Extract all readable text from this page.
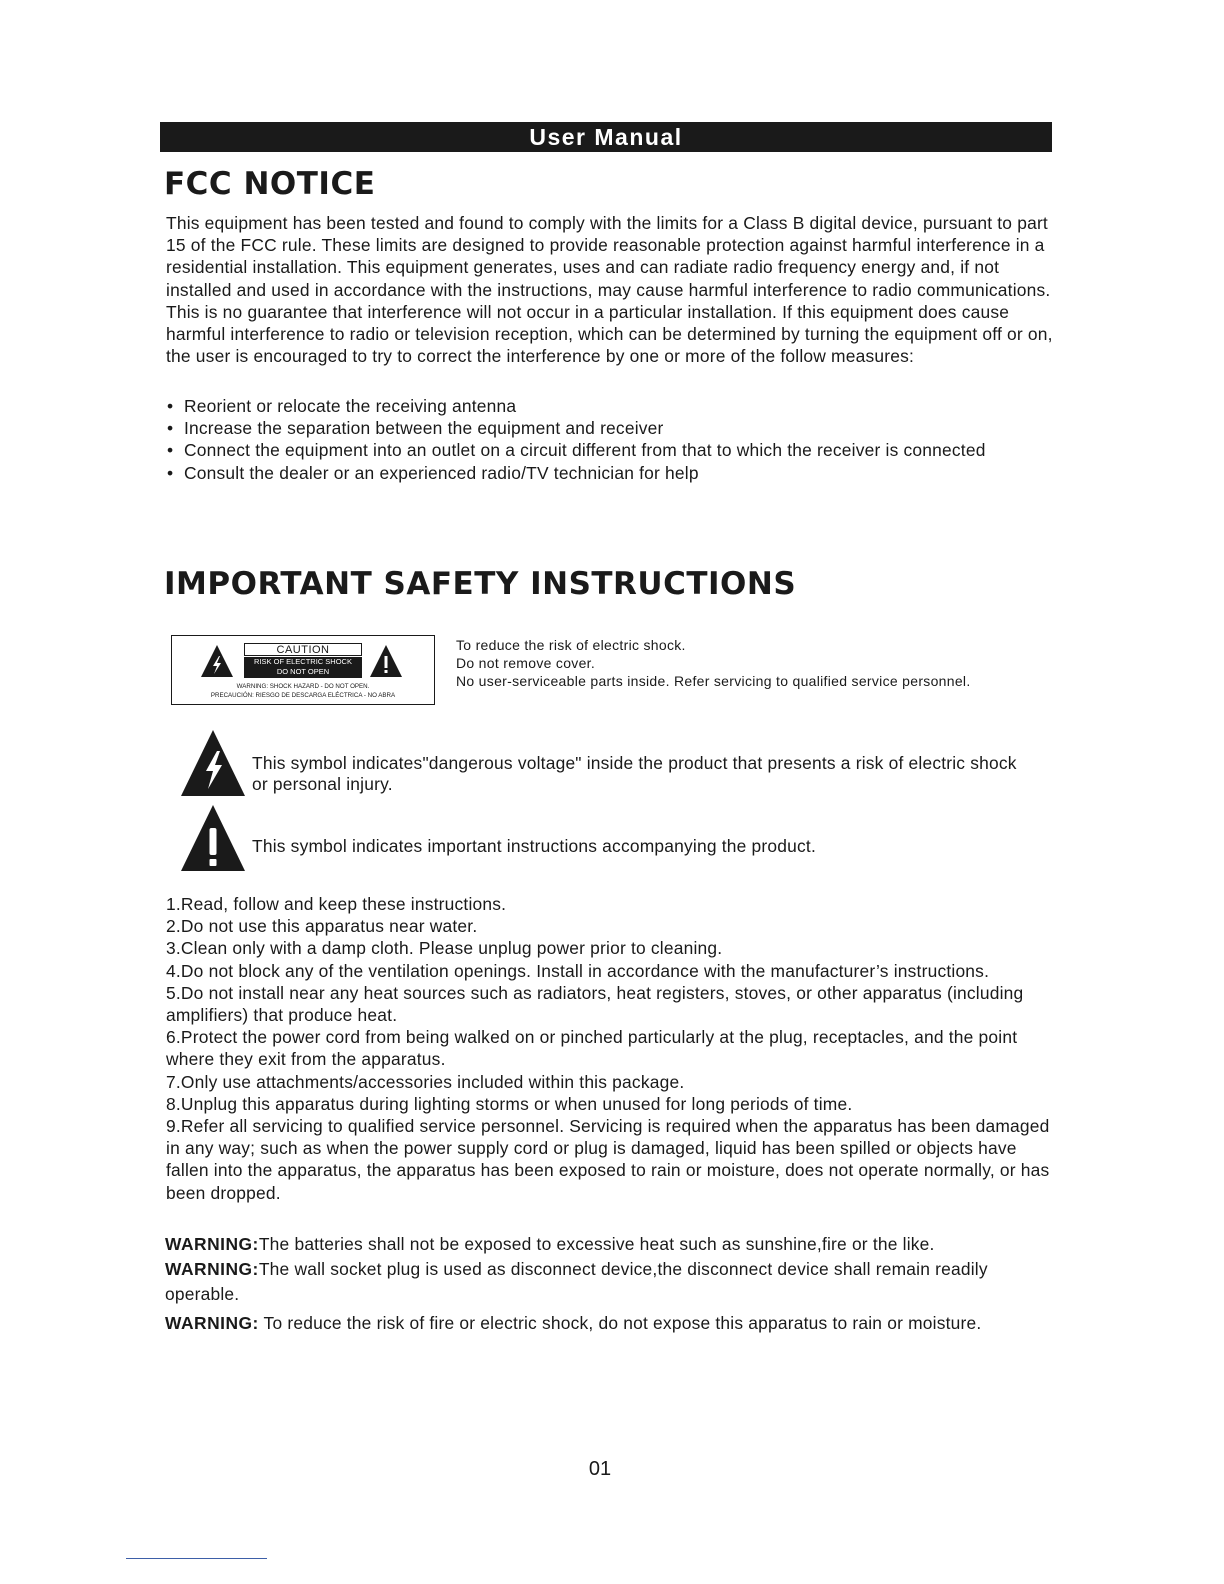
User Manual
FCC NOTICE

This equipment has been tested and found to comply with the limits for a Class B digital device, pursuant to part 15 of the FCC rule. These limits are designed to provide reasonable protection against harmful interference in a residential installation. This equipment generates, uses and can radiate radio frequency energy and, if not installed and used in accordance with the instructions, may cause harmful interference to radio communications. This is no guarantee that interference will not occur in a particular installation. If this equipment does cause harmful interference to radio or television reception, which can be determined by turning the equipment off or on, the user is encouraged to try to correct the interference by one or more of the follow measures:

• Reorient or relocate the receiving antenna
• Increase the separation between the equipment and receiver
• Connect the equipment into an outlet on a circuit different from that to which the receiver is connected
• Consult the dealer or an experienced radio/TV technician for help
IMPORTANT SAFETY INSTRUCTIONS
CAUTION
RISK OF ELECTRIC SHOCK
DO NOT OPEN
WARNING: SHOCK HAZARD - DO NOT OPEN.
PRECAUCIÓN: RIESGO DE DESCARGA ELÉCTRICA - NO ABRA
To reduce the risk of electric shock.
Do not remove cover.
No user-serviceable parts inside. Refer servicing to qualified service personnel.

This symbol indicates"dangerous voltage" inside the product that presents a risk of electric shock or personal injury.

This symbol indicates important instructions accompanying the product.

1.Read, follow and keep these instructions.
2.Do not use this apparatus near water.
3.Clean only with a damp cloth. Please unplug power prior to cleaning.
4.Do not block any of the ventilation openings. Install in accordance with the manufacturer’s instructions.
5.Do not install near any heat sources such as radiators, heat registers, stoves, or other apparatus (including amplifiers) that produce heat.
6.Protect the power cord from being walked on or pinched particularly at the plug, receptacles, and the point where they exit from the apparatus.
7.Only use attachments/accessories included within this package.
8.Unplug this apparatus during lighting storms or when unused for long periods of time.
9.Refer all servicing to qualified service personnel. Servicing is required when the apparatus has been damaged in any way; such as when the power supply cord or plug is damaged, liquid has been spilled or objects have fallen into the apparatus, the apparatus has been exposed to rain or moisture, does not operate normally, or has been dropped.

WARNING:The batteries shall not be exposed to excessive heat such as sunshine,fire or the like.

WARNING:The wall socket plug is used as disconnect device,the disconnect device shall remain readily operable.

WARNING: To reduce the risk of fire or electric shock, do not expose this apparatus to rain or moisture.

01
